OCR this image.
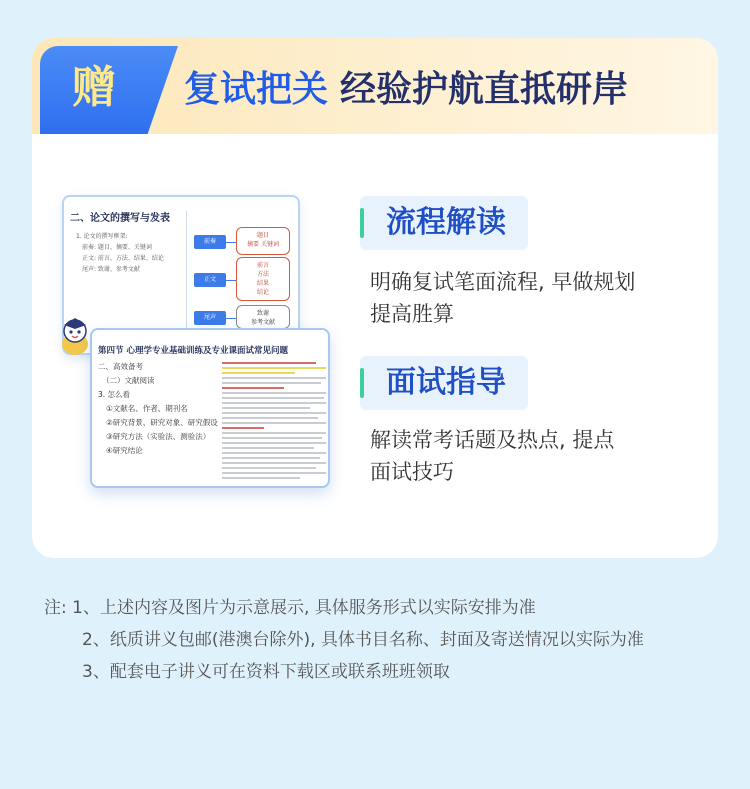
赠 复试把关 经验护航直抵研岸
二、论文的撰写与发表
1. 论文的撰写框架:
前奏: 题目、摘要、关键词
正文: 前言、方法、结果、结论
尾声: 致谢、参考文献
前奏
题目
摘要 关键词
正文
前言
方法
结果
结论
尾声
致谢
参考文献
第四节 心理学专业基础训练及专业课面试常见问题
二、高效备考
（二）文献阅读
3. 怎么看
①文献名、作者、期刊名
②研究背景、研究对象、研究假设
③研究方法（实验法、测验法）
④研究结论
流程解读
明确复试笔面流程, 早做规划
提高胜算
面试指导
解读常考话题及热点, 提点
面试技巧
注: 1、上述内容及图片为示意展示, 具体服务形式以实际安排为准
2、纸质讲义包邮(港澳台除外), 具体书目名称、封面及寄送情况以实际为准
3、配套电子讲义可在资料下载区或联系班班领取
